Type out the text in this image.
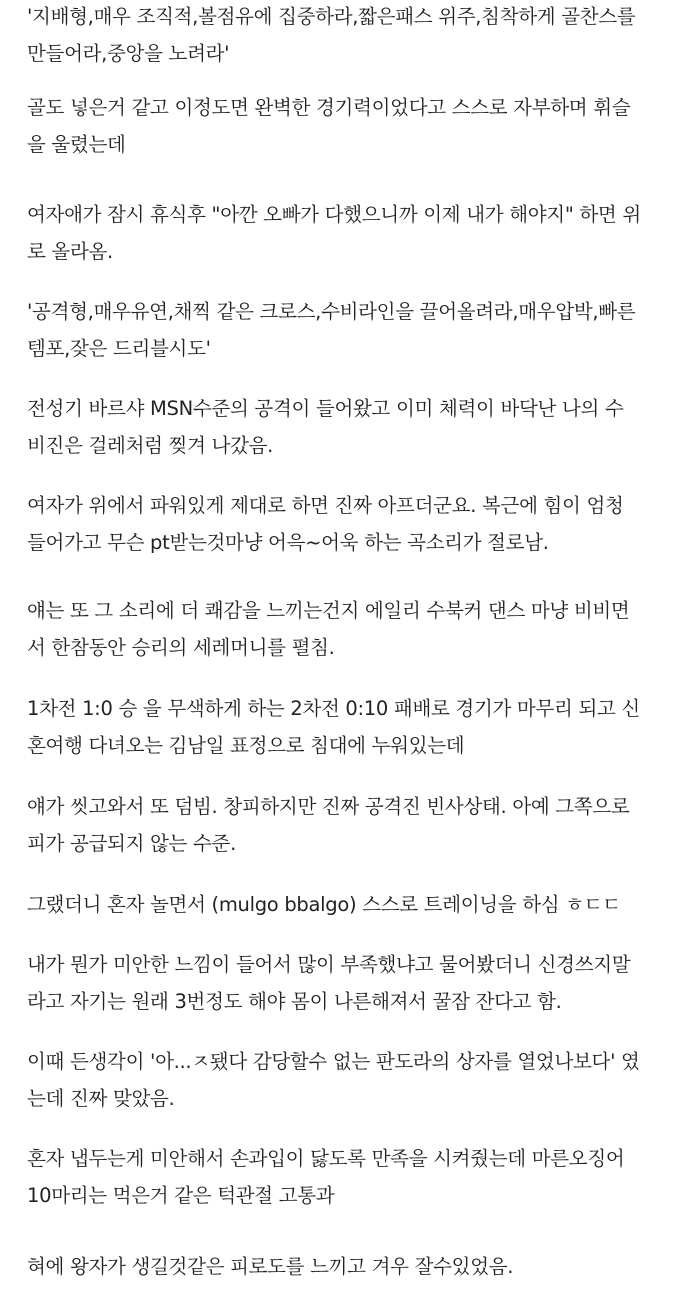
'지배형,매우 조직적,볼점유에 집중하라,짧은패스 위주,침착하게 골찬스를
만들어라,중앙을 노려라'

골도 넣은거 같고 이정도면 완벽한 경기력이었다고 스스로 자부하며 휘슬
을 울렸는데

여자애가 잠시 휴식후 "아깐 오빠가 다했으니까 이제 내가 해야지" 하면 위
로 올라옴.

'공격형,매우유연,채찍 같은 크로스,수비라인을 끌어올려라,매우압박,빠른
템포,잦은 드리블시도'

전성기 바르샤 MSN수준의 공격이 들어왔고 이미 체력이 바닥난 나의 수
비진은 걸레처럼 찢겨 나갔음.

여자가 위에서 파워있게 제대로 하면 진짜 아프더군요. 복근에 힘이 엄청
들어가고 무슨 pt받는것마냥 어윽~어욱 하는 곡소리가 절로남.

얘는 또 그 소리에 더 쾌감을 느끼는건지 에일리 수북커 댄스 마냥 비비면
서 한참동안 승리의 세레머니를 펼침.

1차전 1:0 승 을 무색하게 하는 2차전 0:10 패배로 경기가 마무리 되고 신
혼여행 다녀오는 김남일 표정으로 침대에 누워있는데

얘가 씻고와서 또 덤빔. 창피하지만 진짜 공격진 빈사상태. 아예 그쪽으로
피가 공급되지 않는 수준.

그랬더니 혼자 놀면서 (mulgo bbalgo) 스스로 트레이닝을 하심 ㅎㄷㄷ

내가 뭔가 미안한 느낌이 들어서 많이 부족했냐고 물어봤더니 신경쓰지말
라고 자기는 원래 3번정도 해야 몸이 나른해져서 꿀잠 잔다고 함.

이때 든생각이 '아...ㅈ됐다 감당할수 없는 판도라의 상자를 열었나보다' 였
는데 진짜 맞았음.

혼자 냅두는게 미안해서 손과입이 닳도록 만족을 시켜줬는데 마른오징어
10마리는 먹은거 같은 턱관절 고통과

혀에 왕자가 생길것같은 피로도를 느끼고 겨우 잘수있었음.
